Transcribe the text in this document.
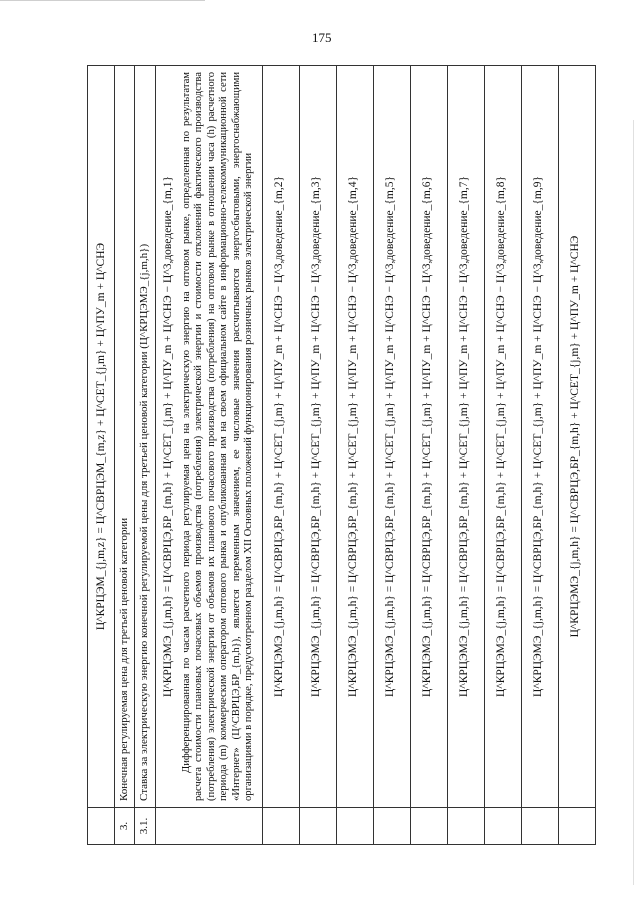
175

	Ц^КРЦЭМ_{j,m,z} = Ц^СВРЦЭМ_{m,z} + Ц^СЕТ_{j,m} + Ц^ПУ_m + Ц^СНЭ

3.	Конечная регулируемая цена для третьей ценовой категории
3.1.	Ставка за электрическую энергию конечной регулируемой цены для третьей ценовой категории (Ц^КРЦЭМЭ_{j,m,h})

	Ц^КРЦЭМЭ_{j,m,h} = Ц^СВРЦЭ,БР_{m,h} + Ц^СЕТ_{j,m} + Ц^ПУ_m + Ц^СНЭ − Ц^3,доведение_{m,1} Дифференцированная по часам расчетного периода регулируемая цена на электрическую энергию на оптовом рынке, определенная по результатам расчета стоимости плановых почасовых объемов производства (потребления) электрической энергии и стоимости отклонений фактического производства (потребления) электрической энергии от объемов их планового почасового производства (потребления) на оптовом рынке в отношении часа (h) расчетного периода (m) коммерческим оператором оптового рынка и опубликованная им на своем официальном сайте в информационно-телекоммуникационной сети «Интернет» (Ц^СВРЦЭ,БР_{m,h}), является переменным значением, ее числовые значения рассчитываются энергосбытовыми, энергоснабжающими организациями в порядке, предусмотренном разделом XII Основных положений функционирования розничных рынков электрической энергии

	Ц^КРЦЭМЭ_{j,m,h} = Ц^СВРЦЭ,БР_{m,h} + Ц^СЕТ_{j,m} + Ц^ПУ_m + Ц^СНЭ − Ц^3,доведение_{m,2}

	Ц^КРЦЭМЭ_{j,m,h} = Ц^СВРЦЭ,БР_{m,h} + Ц^СЕТ_{j,m} + Ц^ПУ_m + Ц^СНЭ − Ц^3,доведение_{m,3}

	Ц^КРЦЭМЭ_{j,m,h} = Ц^СВРЦЭ,БР_{m,h} + Ц^СЕТ_{j,m} + Ц^ПУ_m + Ц^СНЭ − Ц^3,доведение_{m,4}

	Ц^КРЦЭМЭ_{j,m,h} = Ц^СВРЦЭ,БР_{m,h} + Ц^СЕТ_{j,m} + Ц^ПУ_m + Ц^СНЭ − Ц^3,доведение_{m,5}

	Ц^КРЦЭМЭ_{j,m,h} = Ц^СВРЦЭ,БР_{m,h} + Ц^СЕТ_{j,m} + Ц^ПУ_m + Ц^СНЭ − Ц^3,доведение_{m,6}

	Ц^КРЦЭМЭ_{j,m,h} = Ц^СВРЦЭ,БР_{m,h} + Ц^СЕТ_{j,m} + Ц^ПУ_m + Ц^СНЭ − Ц^3,доведение_{m,7}

	Ц^КРЦЭМЭ_{j,m,h} = Ц^СВРЦЭ,БР_{m,h} + Ц^СЕТ_{j,m} + Ц^ПУ_m + Ц^СНЭ − Ц^3,доведение_{m,8}

	Ц^КРЦЭМЭ_{j,m,h} = Ц^СВРЦЭ,БР_{m,h} + Ц^СЕТ_{j,m} + Ц^ПУ_m + Ц^СНЭ − Ц^3,доведение_{m,9}

	Ц^КРЦЭМЭ_{j,m,h} = Ц^СВРЦЭ,БР_{m,h} + Ц^СЕТ_{j,m} + Ц^ПУ_m + Ц^СНЭ
